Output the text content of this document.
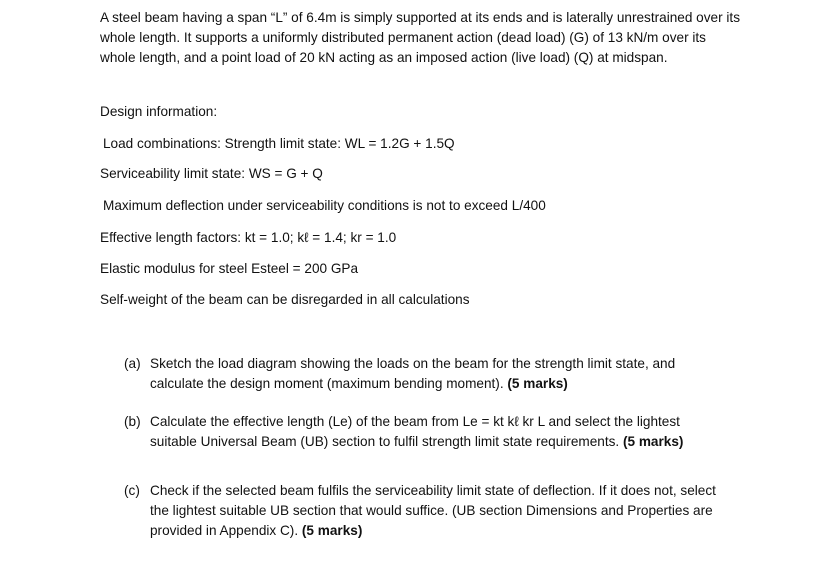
A steel beam having a span “L” of 6.4m is simply supported at its ends and is laterally unrestrained over its whole length. It supports a uniformly distributed permanent action (dead load) (G) of 13 kN/m over its whole length, and a point load of 20 kN acting as an imposed action (live load) (Q) at midspan.

Design information:

Load combinations: Strength limit state: WL = 1.2G + 1.5Q

Serviceability limit state: WS = G + Q

Maximum deflection under serviceability conditions is not to exceed L/400

Effective length factors: kt = 1.0; kℓ = 1.4; kr = 1.0

Elastic modulus for steel Esteel = 200 GPa

Self-weight of the beam can be disregarded in all calculations

(a) Sketch the load diagram showing the loads on the beam for the strength limit state, and calculate the design moment (maximum bending moment). (5 marks)
(b) Calculate the effective length (Le) of the beam from Le = kt kℓ kr L and select the lightest suitable Universal Beam (UB) section to fulfil strength limit state requirements. (5 marks)
(c) Check if the selected beam fulfils the serviceability limit state of deflection. If it does not, select the lightest suitable UB section that would suffice. (UB section Dimensions and Properties are provided in Appendix C). (5 marks)
